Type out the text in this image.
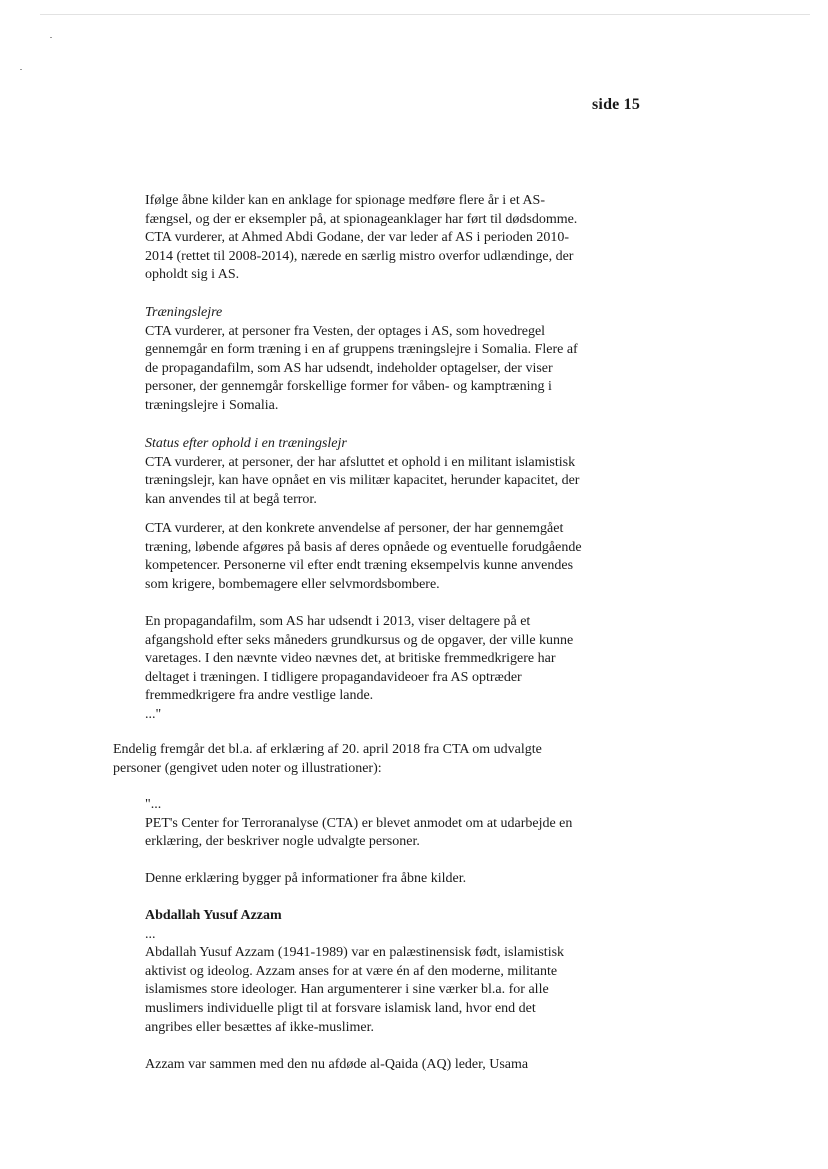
side 15

Ifølge åbne kilder kan en anklage for spionage medføre flere år i et AS-fængsel, og der er eksempler på, at spionageanklager har ført til dødsdomme. CTA vurderer, at Ahmed Abdi Godane, der var leder af AS i perioden 2010-2014 (rettet til 2008-2014), nærede en særlig mistro overfor udlændinge, der opholdt sig i AS.

Træningslejre

CTA vurderer, at personer fra Vesten, der optages i AS, som hovedregel gennemgår en form træning i en af gruppens træningslejre i Somalia. Flere af de propagandafilm, som AS har udsendt, indeholder optagelser, der viser personer, der gennemgår forskellige former for våben- og kamptræning i træningslejre i Somalia.

Status efter ophold i en træningslejr

CTA vurderer, at personer, der har afsluttet et ophold i en militant islamistisk træningslejr, kan have opnået en vis militær kapacitet, herunder kapacitet, der kan anvendes til at begå terror.

CTA vurderer, at den konkrete anvendelse af personer, der har gennemgået træning, løbende afgøres på basis af deres opnåede og eventuelle forudgående kompetencer. Personerne vil efter endt træning eksempelvis kunne anvendes som krigere, bombemagere eller selvmordsbombere.

En propagandafilm, som AS har udsendt i 2013, viser deltagere på et afgangshold efter seks måneders grundkursus og de opgaver, der ville kunne varetages. I den nævnte video nævnes det, at britiske fremmedkrigere har deltaget i træningen. I tidligere propagandavideoer fra AS optræder fremmedkrigere fra andre vestlige lande.

..."

Endelig fremgår det bl.a. af erklæring af 20. april 2018 fra CTA om udvalgte personer (gengivet uden noter og illustrationer):

"...

PET's Center for Terroranalyse (CTA) er blevet anmodet om at udarbejde en erklæring, der beskriver nogle udvalgte personer.

Denne erklæring bygger på informationer fra åbne kilder.

Abdallah Yusuf Azzam

...

Abdallah Yusuf Azzam (1941-1989) var en palæstinensisk født, islamistisk aktivist og ideolog. Azzam anses for at være én af den moderne, militante islamismes store ideologer. Han argumenterer i sine værker bl.a. for alle muslimers individuelle pligt til at forsvare islamisk land, hvor end det angribes eller besættes af ikke-muslimer.

Azzam var sammen med den nu afdøde al-Qaida (AQ) leder, Usama
